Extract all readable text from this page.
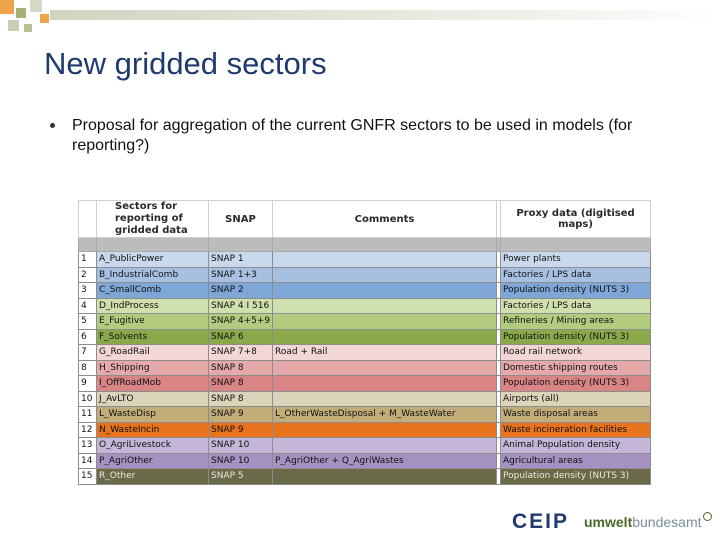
New gridded sectors
Proposal for aggregation of the current GNFR sectors to be used in models (for reporting?)
	Sectors for reporting of gridded data	SNAP	Comments		Proxy data (digitised maps)

1	A_PublicPower	SNAP 1			Power plants
2	B_IndustrialComb	SNAP 1+3			Factories / LPS data
3	C_SmallComb	SNAP 2			Population density (NUTS 3)
4	D_IndProcess	SNAP 4 I 516			Factories / LPS data
5	E_Fugitive	SNAP 4+5+9			Refineries / Mining areas
6	F_Solvents	SNAP 6			Population density (NUTS 3)
7	G_RoadRail	SNAP 7+8	Road + Rail		Road rail network
8	H_Shipping	SNAP 8			Domestic shipping routes
9	I_OffRoadMob	SNAP 8			Population density (NUTS 3)
10	J_AvLTO	SNAP 8			Airports (all)
11	L_WasteDisp	SNAP 9	L_OtherWasteDisposal + M_WasteWater		Waste disposal areas
12	N_WasteIncin	SNAP 9			Waste incineration facilities
13	O_AgriLivestock	SNAP 10			Animal Population density
14	P_AgriOther	SNAP 10	P_AgriOther + Q_AgriWastes		Agricultural areas
15	R_Other	SNAP 5			Population density (NUTS 3)
CEIP umweltbundesamt
